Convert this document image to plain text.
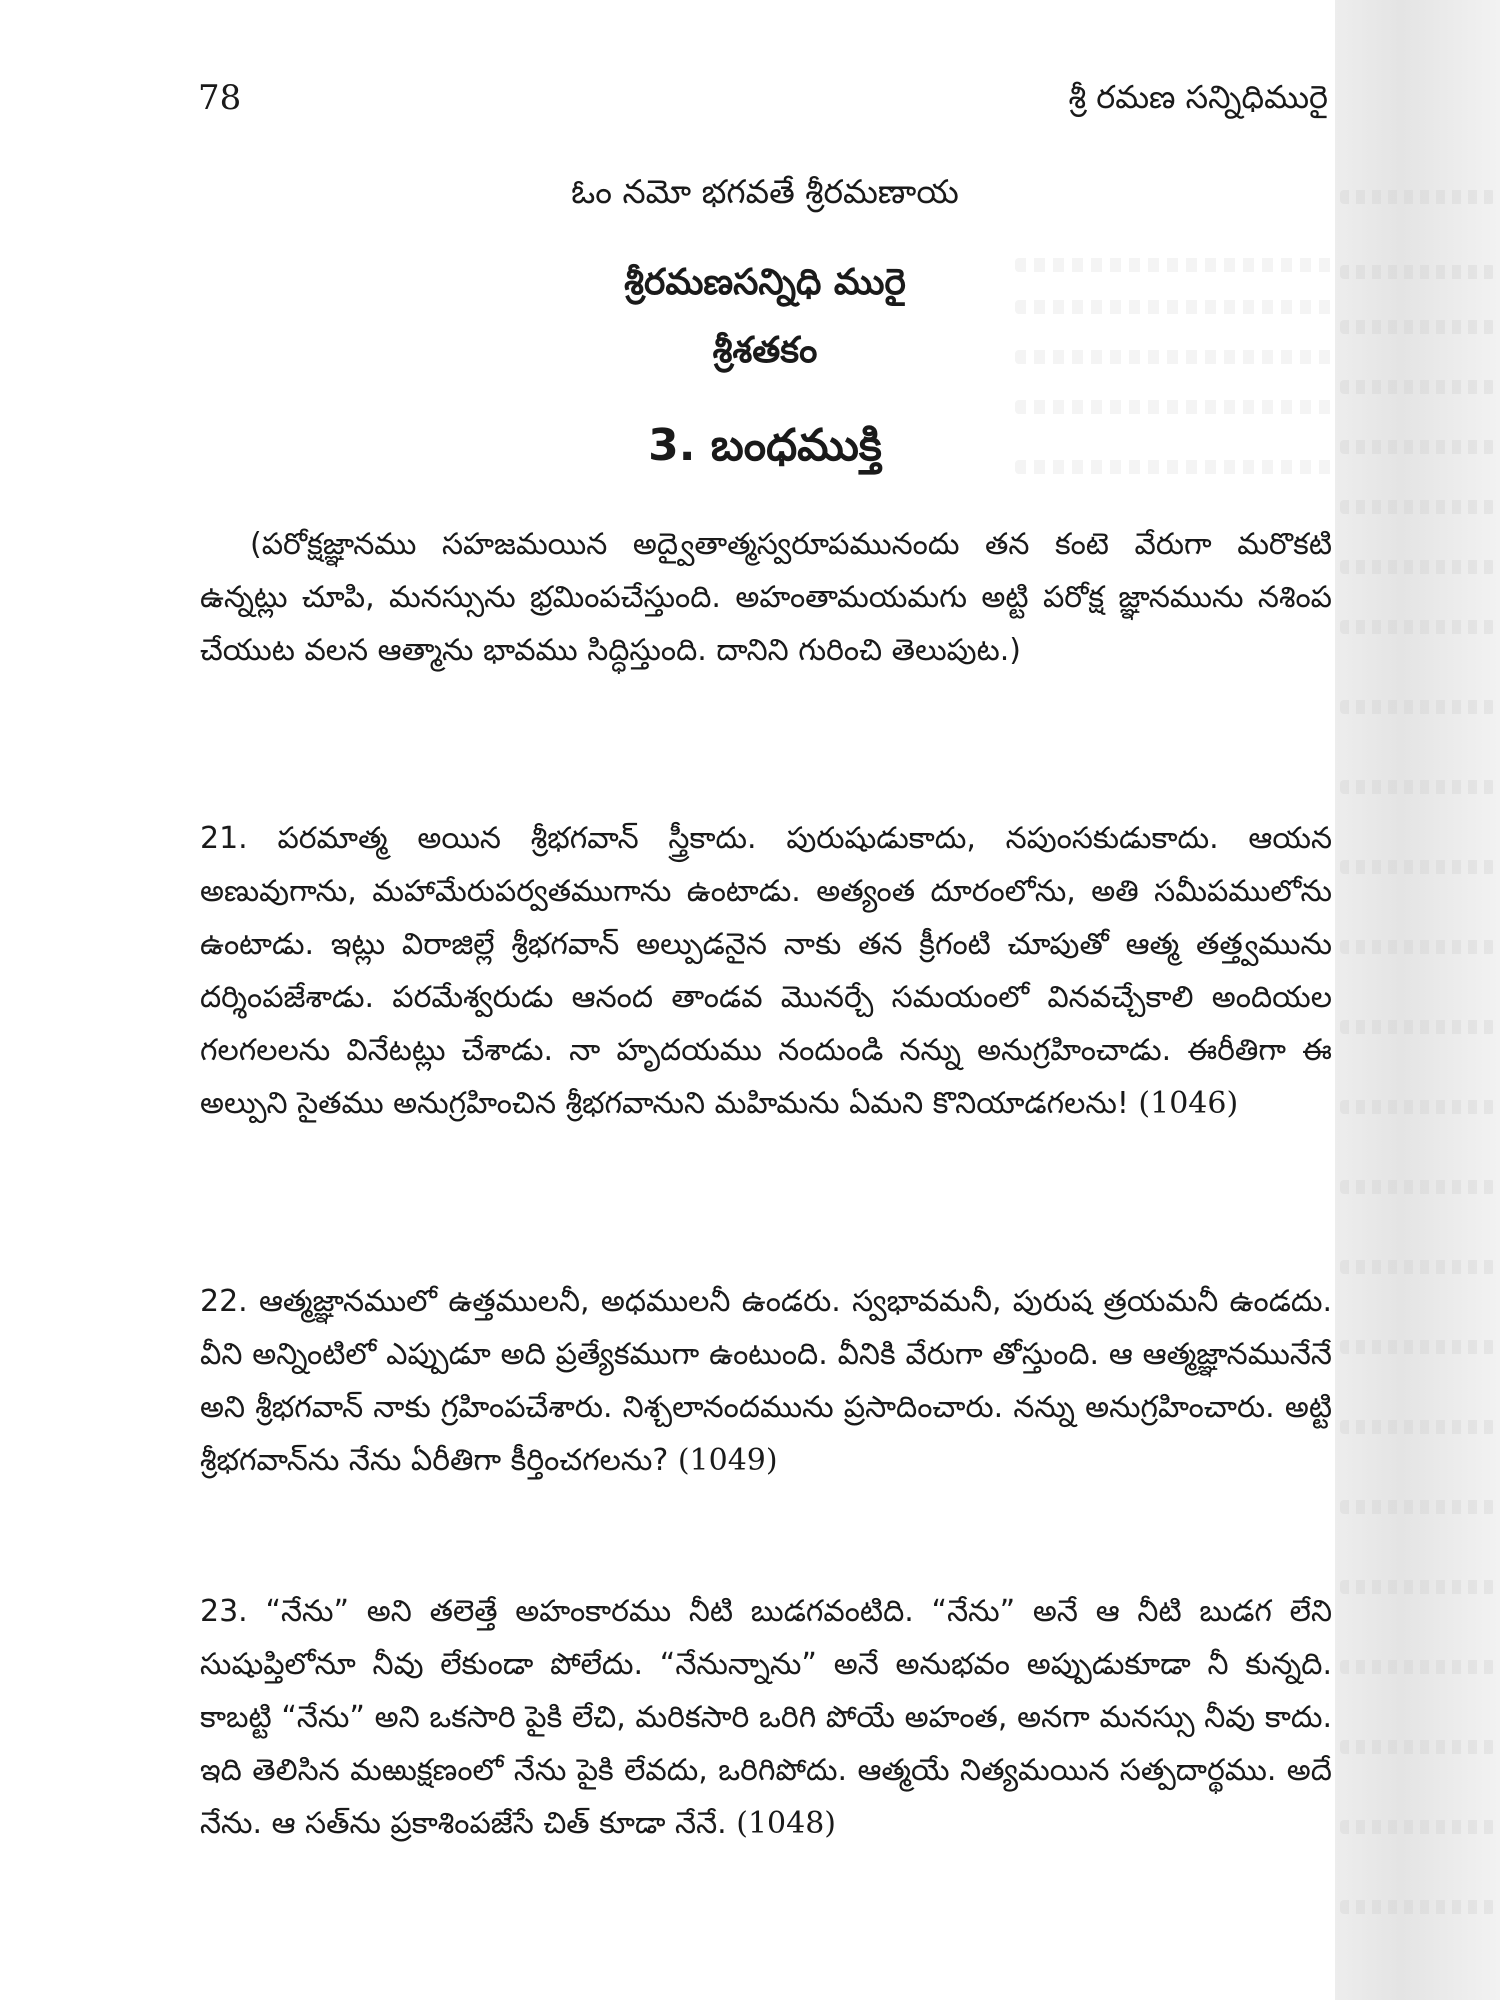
78	శ్రీ రమణ సన్నిధిమురై
ఓం నమో భగవతే శ్రీరమణాయ
శ్రీరమణసన్నిధి మురై
శ్రీశతకం
3. బంధముక్తి
(పరోక్షజ్ఞానము సహజమయిన అద్వైతాత్మస్వరూపమునందు తన కంటె వేరుగా మరొకటి ఉన్నట్లు చూపి, మనస్సును భ్రమింపచేస్తుంది. అహంతామయమగు అట్టి పరోక్ష జ్ఞానమును నశింప చేయుట వలన ఆత్మాను భావము సిద్ధిస్తుంది. దానిని గురించి తెలుపుట.)
21. పరమాత్మ అయిన శ్రీభగవాన్ స్త్రీకాదు. పురుషుడుకాదు, నపుంసకుడుకాదు. ఆయన అణువుగాను, మహామేరుపర్వతముగాను ఉంటాడు. అత్యంత దూరంలోను, అతి సమీపములోను ఉంటాడు. ఇట్లు విరాజిల్లే శ్రీభగవాన్ అల్పుడనైన నాకు తన క్రీగంటి చూపుతో ఆత్మ తత్త్వమును దర్శింపజేశాడు. పరమేశ్వరుడు ఆనంద తాండవ మొనర్చే సమయంలో వినవచ్చేకాలి అందియల గలగలలను వినేటట్లు చేశాడు. నా హృదయము నందుండి నన్ను అనుగ్రహించాడు. ఈరీతిగా ఈ అల్పుని సైతము అనుగ్రహించిన శ్రీభగవానుని మహిమను ఏమని కొనియాడగలను! (1046)
22. ఆత్మజ్ఞానములో ఉత్తములనీ, అధములనీ ఉండరు. స్వభావమనీ, పురుష త్రయమనీ ఉండదు. వీని అన్నింటిలో ఎప్పుడూ అది ప్రత్యేకముగా ఉంటుంది. వీనికి వేరుగా తోస్తుంది. ఆ ఆత్మజ్ఞానమునేనే అని శ్రీభగవాన్ నాకు గ్రహింపచేశారు. నిశ్చలానందమును ప్రసాదించారు. నన్ను అనుగ్రహించారు. అట్టి శ్రీభగవాన్‌ను నేను ఏరీతిగా కీర్తించగలను? (1049)
23. “నేను” అని తలెత్తే అహంకారము నీటి బుడగవంటిది. “నేను” అనే ఆ నీటి బుడగ లేని సుషుప్తిలోనూ నీవు లేకుండా పోలేదు. “నేనున్నాను” అనే అనుభవం అప్పుడుకూడా నీ కున్నది. కాబట్టి “నేను” అని ఒకసారి పైకి లేచి, మరికసారి ఒరిగి పోయే అహంత, అనగా మనస్సు నీవు కాదు. ఇది తెలిసిన మఱుక్షణంలో నేను పైకి లేవదు, ఒరిగిపోదు. ఆత్మయే నిత్యమయిన సత్పదార్థము. అదే నేను. ఆ సత్‌ను ప్రకాశింపజేసే చిత్ కూడా నేనే. (1048)
